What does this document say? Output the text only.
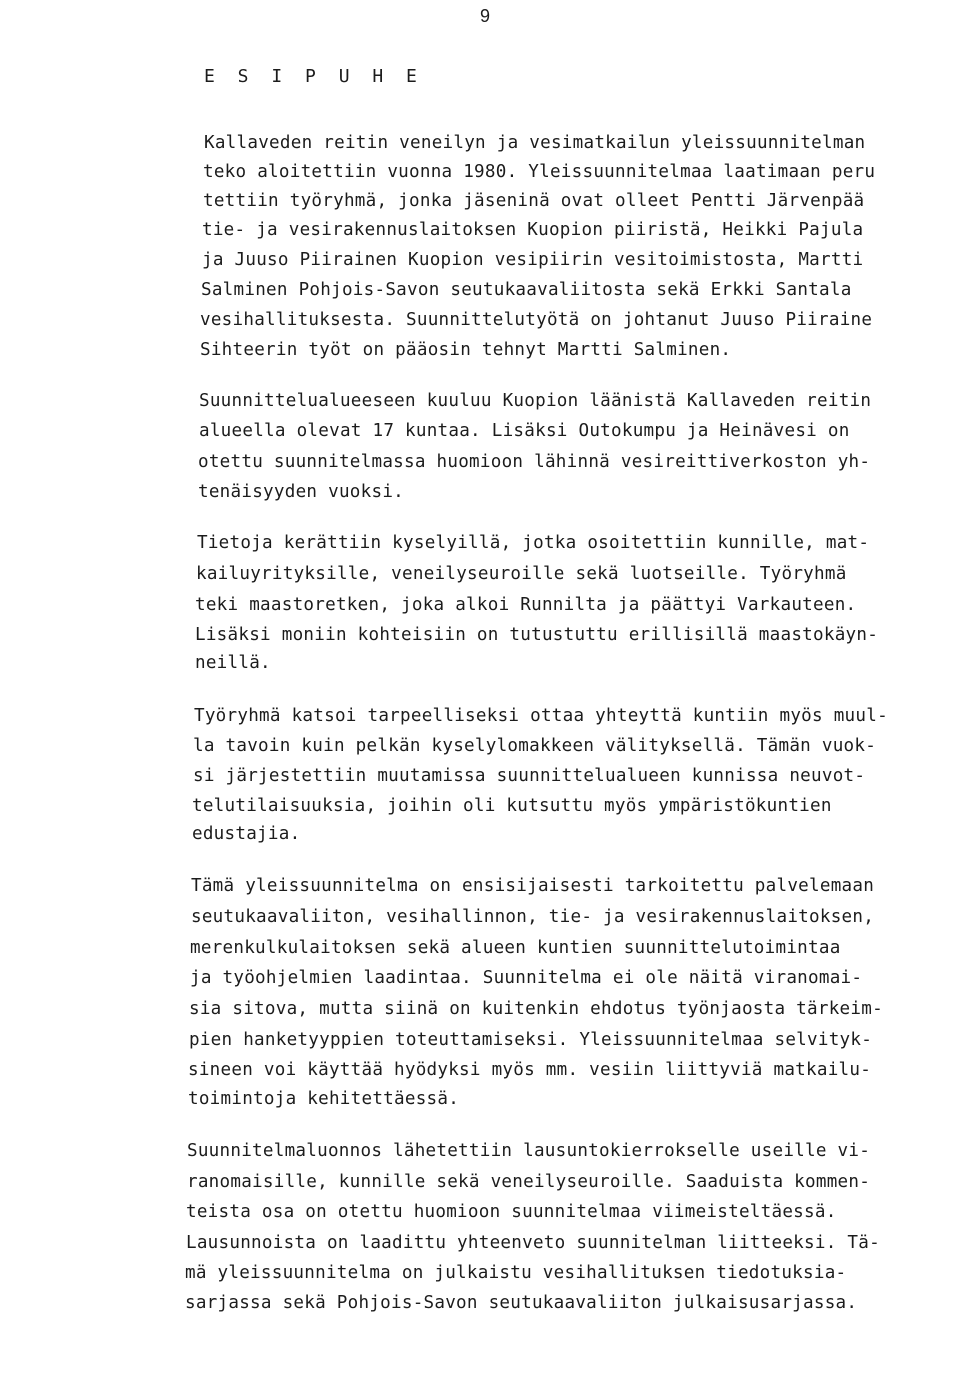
9
E S I P U H E
Kallaveden reitin veneilyn ja vesimatkailun yleissuunnitelman
teko aloitettiin vuonna 1980. Yleissuunnitelmaa laatimaan peru
tettiin työryhmä, jonka jäseninä ovat olleet Pentti Järvenpää
tie- ja vesirakennuslaitoksen Kuopion piiristä, Heikki Pajula
ja Juuso Piirainen Kuopion vesipiirin vesitoimistosta, Martti
Salminen Pohjois-Savon seutukaavaliitosta sekä Erkki Santala
vesihallituksesta. Suunnittelutyötä on johtanut Juuso Piiraine
Sihteerin työt on pääosin tehnyt Martti Salminen.
Suunnittelualueeseen kuuluu Kuopion läänistä Kallaveden reitin
alueella olevat 17 kuntaa. Lisäksi Outokumpu ja Heinävesi on
otettu suunnitelmassa huomioon lähinnä vesireittiverkoston yh-
tenäisyyden vuoksi.
Tietoja kerättiin kyselyillä, jotka osoitettiin kunnille, mat-
kailuyrityksille, veneilyseuroille sekä luotseille. Työryhmä
teki maastoretken, joka alkoi Runnilta ja päättyi Varkauteen.
Lisäksi moniin kohteisiin on tutustuttu erillisillä maastokäyn-
neillä.
Työryhmä katsoi tarpeelliseksi ottaa yhteyttä kuntiin myös muul-
la tavoin kuin pelkän kyselylomakkeen välityksellä. Tämän vuok-
si järjestettiin muutamissa suunnittelualueen kunnissa neuvot-
telutilaisuuksia, joihin oli kutsuttu myös ympäristökuntien
edustajia.
Tämä yleissuunnitelma on ensisijaisesti tarkoitettu palvelemaan
seutukaavaliiton, vesihallinnon, tie- ja vesirakennuslaitoksen,
merenkulkulaitoksen sekä alueen kuntien suunnittelutoimintaa
ja työohjelmien laadintaa. Suunnitelma ei ole näitä viranomai-
sia sitova, mutta siinä on kuitenkin ehdotus työnjaosta tärkeim-
pien hanketyyppien toteuttamiseksi. Yleissuunnitelmaa selvityk-
sineen voi käyttää hyödyksi myös mm. vesiin liittyviä matkailu-
toimintoja kehitettäessä.
Suunnitelmaluonnos lähetettiin lausuntokierrokselle useille vi-
ranomaisille, kunnille sekä veneilyseuroille. Saaduista kommen-
teista osa on otettu huomioon suunnitelmaa viimeisteltäessä.
Lausunnoista on laadittu yhteenveto suunnitelman liitteeksi. Tä-
mä yleissuunnitelma on julkaistu vesihallituksen tiedotuksia-
sarjassa sekä Pohjois-Savon seutukaavaliiton julkaisusarjassa.
